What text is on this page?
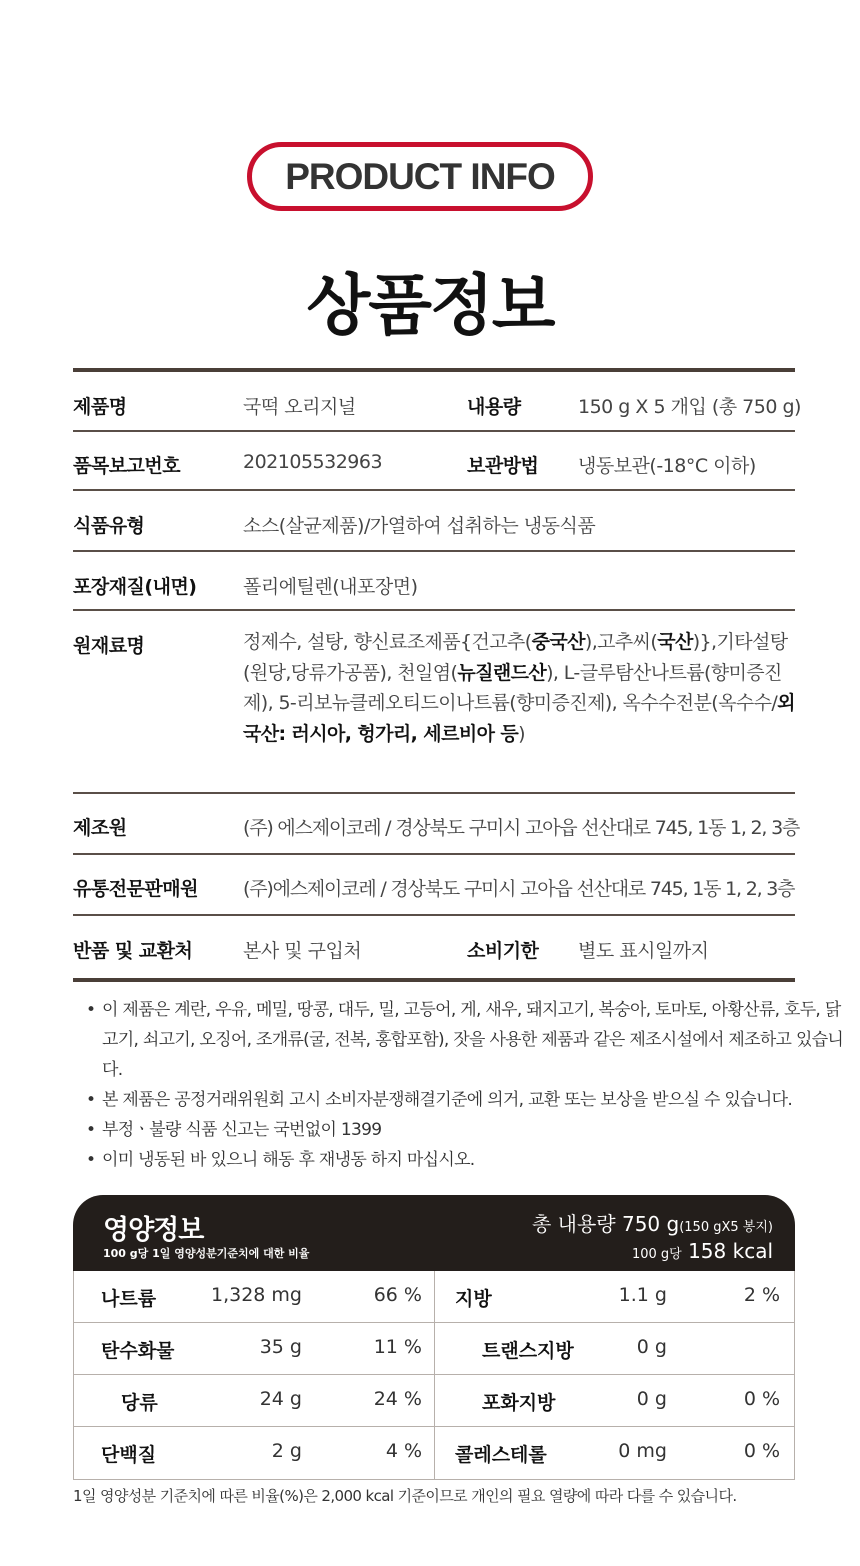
PRODUCT INFO
상품정보
제품명	국떡 오리지널	내용량	150 g X 5 개입 (총 750 g)
품목보고번호	202105532963	보관방법 냉동보관(-18°C 이하)
식품유형	소스(살균제품)/가열하여 섭취하는 냉동식품
포장재질(내면) 폴리에틸렌(내포장면)
원재료명	정제수, 설탕, 향신료조제품{건고추(중국산),고추씨(국산)},기타설탕(원당,당류가공품), 천일염(뉴질랜드산), L-글루탐산나트륨(향미증진제), 5-리보뉴클레오티드이나트륨(향미증진제), 옥수수전분(옥수수/외국산: 러시아, 헝가리, 세르비아 등)
제조원	(주) 에스제이코레 / 경상북도 구미시 고아읍 선산대로 745, 1동 1, 2, 3층
유통전문판매원 (주)에스제이코레 / 경상북도 구미시 고아읍 선산대로 745, 1동 1, 2, 3층
반품 및 교환처	본사 및 구입처	소비기한 별도 표시일까지
• 이 제품은 계란, 우유, 메밀, 땅콩, 대두, 밀, 고등어, 게, 새우, 돼지고기, 복숭아, 토마토, 아황산류, 호두, 닭고기, 쇠고기, 오징어, 조개류(굴, 전복, 홍합포함), 잣을 사용한 제품과 같은 제조시설에서 제조하고 있습니다.
• 본 제품은 공정거래위원회 고시 소비자분쟁해결기준에 의거, 교환 또는 보상을 받으실 수 있습니다.
• 부정ㆍ불량 식품 신고는 국번없이 1399
• 이미 냉동된 바 있으니 해동 후 재냉동 하지 마십시오.
영양정보
100 g당 1일 영양성분기준치에 대한 비율
총 내용량 750 g(150 gX5 봉지)
100 g당 158 kcal
나트륨	1,328 mg	66 % 지방	1.1 g	2 %
탄수화물	35 g	11 %	트랜스지방	0 g
당류	24 g	24 %	포화지방	0 g	0 %
단백질	2 g	4 % 콜레스테롤	0 mg	0 %
1일 영양성분 기준치에 따른 비율(%)은 2,000 kcal 기준이므로 개인의 필요 열량에 따라 다를 수 있습니다.
